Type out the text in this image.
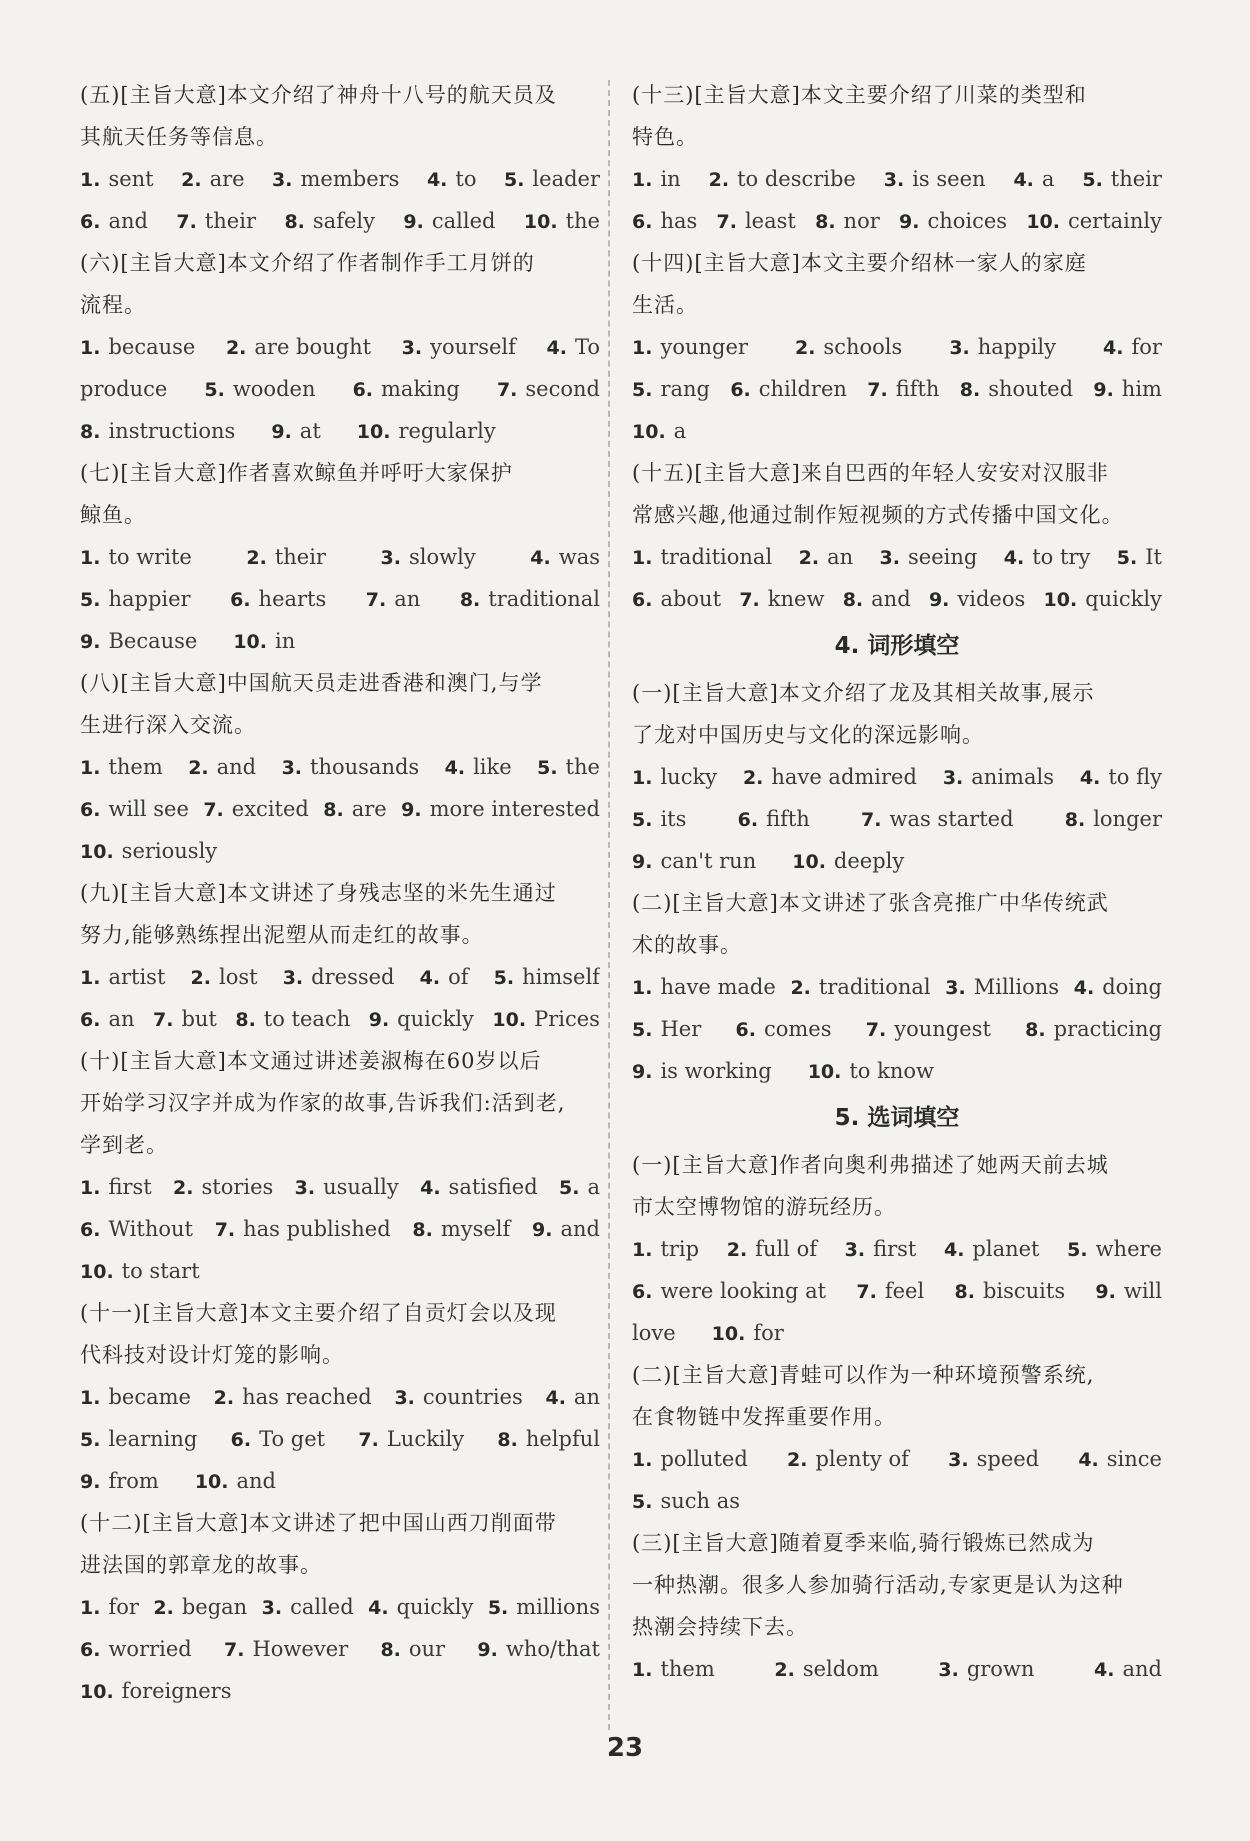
(五)[主旨大意]本文介绍了神舟十八号的航天员及
其航天任务等信息。
1. sent 2. are 3. members 4. to 5. leader
6. and 7. their 8. safely 9. called 10. the
(六)[主旨大意]本文介绍了作者制作手工月饼的
流程。
1. because 2. are bought 3. yourself 4. To
produce 5. wooden 6. making 7. second
8. instructions 9. at 10. regularly
(七)[主旨大意]作者喜欢鲸鱼并呼吁大家保护
鲸鱼。
1. to write	2. their	3. slowly	4. was
5. happier 6. hearts 7. an 8. traditional
9. Because 10. in
(八)[主旨大意]中国航天员走进香港和澳门,与学
生进行深入交流。
1. them 2. and 3. thousands 4. like 5. the
6. will see 7. excited 8. are 9. more interested
10. seriously
(九)[主旨大意]本文讲述了身残志坚的米先生通过
努力,能够熟练捏出泥塑从而走红的故事。
1. artist 2. lost 3. dressed 4. of 5. himself
6. an 7. but 8. to teach 9. quickly 10. Prices
(十)[主旨大意]本文通过讲述姜淑梅在60岁以后
开始学习汉字并成为作家的故事,告诉我们:活到老,
学到老。
1. first 2. stories 3. usually 4. satisfied 5. a
6. Without 7. has published 8. myself 9. and
10. to start
(十一)[主旨大意]本文主要介绍了自贡灯会以及现
代科技对设计灯笼的影响。
1. became 2. has reached 3. countries 4. an
5. learning 6. To get 7. Luckily 8. helpful
9. from 10. and
(十二)[主旨大意]本文讲述了把中国山西刀削面带
进法国的郭章龙的故事。
1. for 2. began 3. called 4. quickly 5. millions
6. worried 7. However 8. our 9. who/that
10. foreigners
(十三)[主旨大意]本文主要介绍了川菜的类型和
特色。
1. in 2. to describe 3. is seen 4. a 5. their
6. has 7. least 8. nor 9. choices 10. certainly
(十四)[主旨大意]本文主要介绍林一家人的家庭
生活。
1. younger 2. schools 3. happily 4. for
5. rang 6. children 7. fifth 8. shouted 9. him
10. a
(十五)[主旨大意]来自巴西的年轻人安安对汉服非
常感兴趣,他通过制作短视频的方式传播中国文化。
1. traditional 2. an 3. seeing 4. to try 5. It
6. about 7. knew 8. and 9. videos 10. quickly
4. 词形填空
(一)[主旨大意]本文介绍了龙及其相关故事,展示
了龙对中国历史与文化的深远影响。
1. lucky 2. have admired 3. animals 4. to fly
5. its	6. fifth	7. was started	8. longer
9. can't run 10. deeply
(二)[主旨大意]本文讲述了张含亮推广中华传统武
术的故事。
1. have made 2. traditional 3. Millions 4. doing
5. Her 6. comes 7. youngest 8. practicing
9. is working 10. to know
5. 选词填空
(一)[主旨大意]作者向奥利弗描述了她两天前去城
市太空博物馆的游玩经历。
1. trip 2. full of 3. first 4. planet 5. where
6. were looking at 7. feel 8. biscuits 9. will
love 10. for
(二)[主旨大意]青蛙可以作为一种环境预警系统,
在食物链中发挥重要作用。
1. polluted 2. plenty of 3. speed 4. since
5. such as
(三)[主旨大意]随着夏季来临,骑行锻炼已然成为
一种热潮。很多人参加骑行活动,专家更是认为这种
热潮会持续下去。
1. them	2. seldom	3. grown	4. and
23
